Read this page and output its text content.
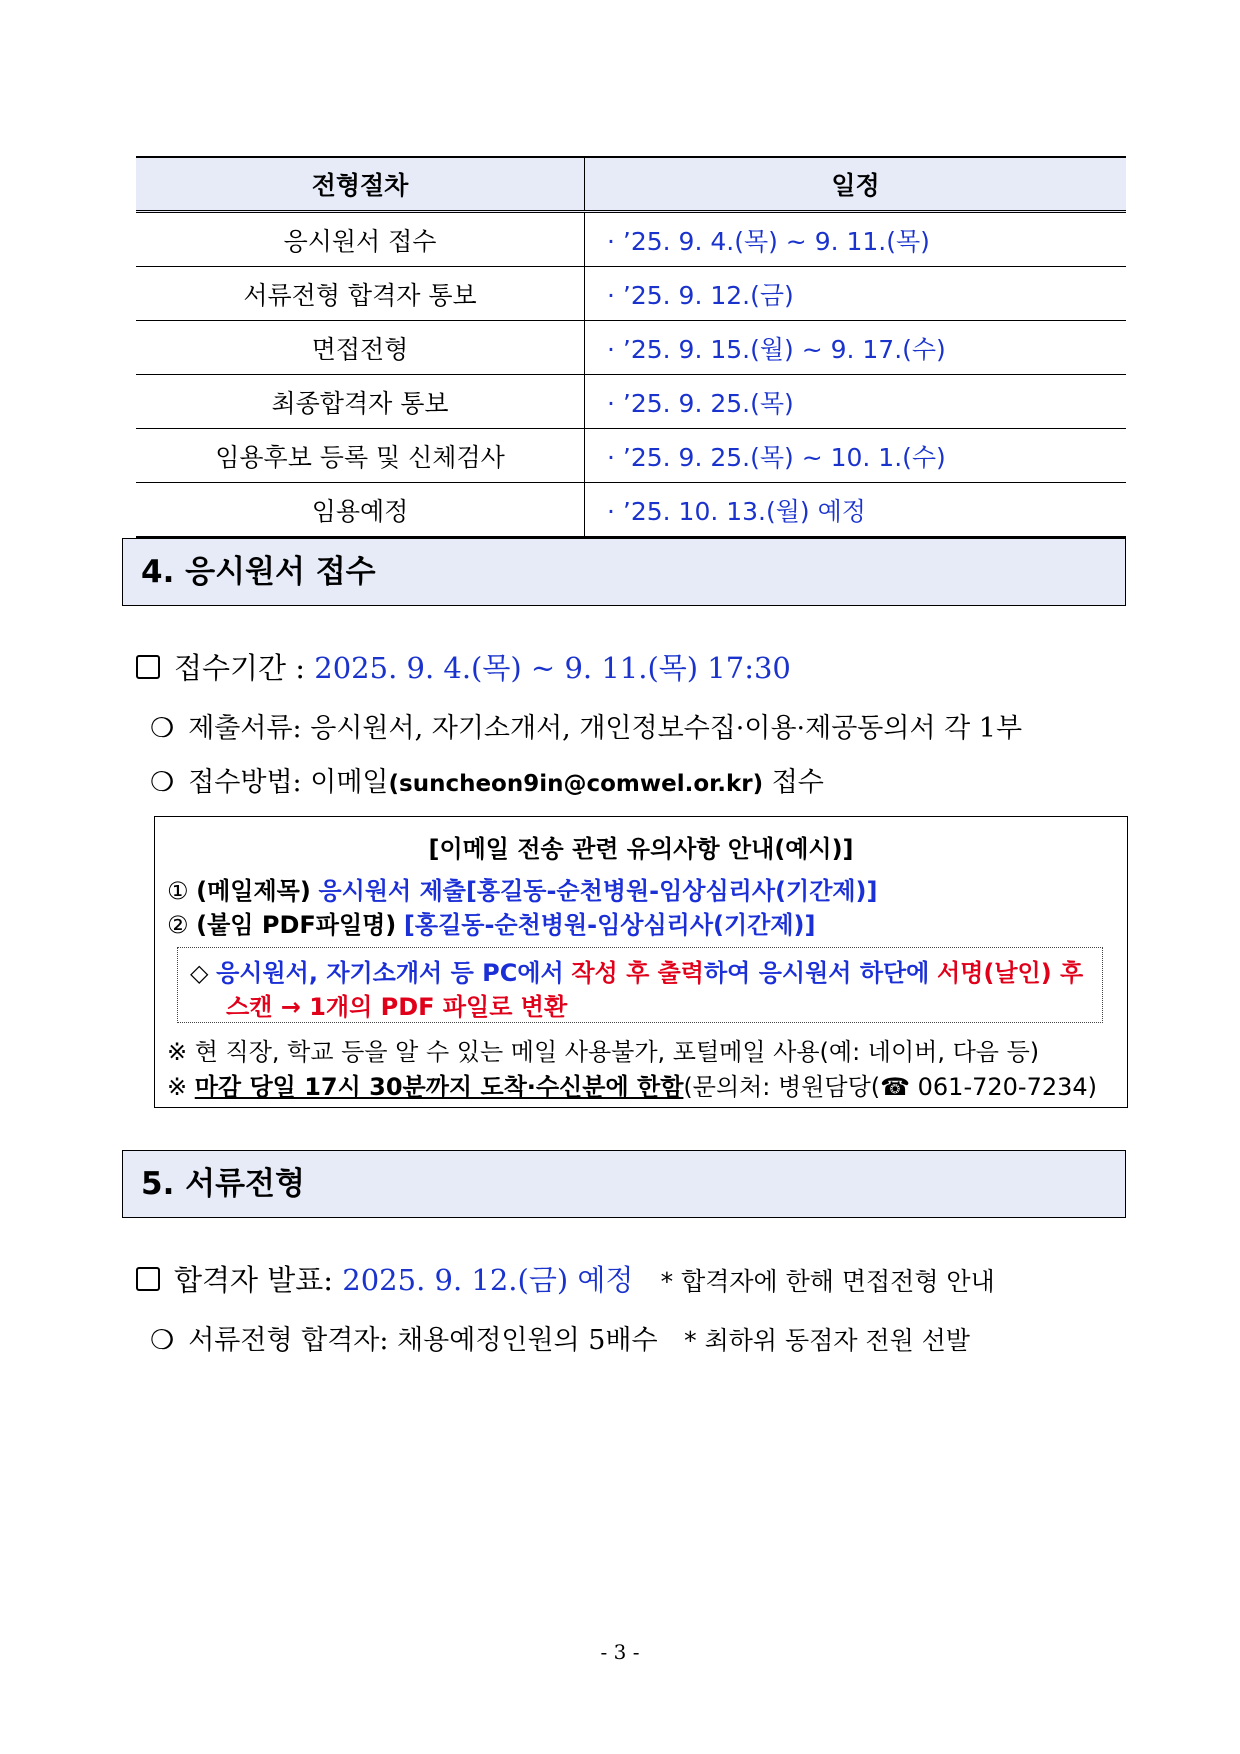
전형절차	일정
응시원서 접수	· ’25. 9. 4.(목) ~ 9. 11.(목)
서류전형 합격자 통보	· ’25. 9. 12.(금)
면접전형	· ’25. 9. 15.(월) ~ 9. 17.(수)
최종합격자 통보	· ’25. 9. 25.(목)
임용후보 등록 및 신체검사	· ’25. 9. 25.(목) ~ 10. 1.(수)
임용예정	· ’25. 10. 13.(월) 예정
4. 응시원서 접수
접수기간 : 2025. 9. 4.(목) ~ 9. 11.(목) 17:30
❍ 제출서류: 응시원서, 자기소개서, 개인정보수집·이용·제공동의서 각 1부
❍ 접수방법: 이메일(suncheon9in@comwel.or.kr) 접수
[이메일 전송 관련 유의사항 안내(예시)]
① (메일제목) 응시원서 제출[홍길동-순천병원-임상심리사(기간제)]
② (붙임 PDF파일명) [홍길동-순천병원-임상심리사(기간제)]
◇ 응시원서, 자기소개서 등 PC에서 작성 후 출력하여 응시원서 하단에 서명(날인) 후
스캔 → 1개의 PDF 파일로 변환
※ 현 직장, 학교 등을 알 수 있는 메일 사용불가, 포털메일 사용(예: 네이버, 다음 등)
※ 마감 당일 17시 30분까지 도착·수신분에 한함(문의처: 병원담당(☎ 061-720-7234)
5. 서류전형
합격자 발표: 2025. 9. 12.(금) 예정 * 합격자에 한해 면접전형 안내
❍ 서류전형 합격자: 채용예정인원의 5배수 * 최하위 동점자 전원 선발
- 3 -
